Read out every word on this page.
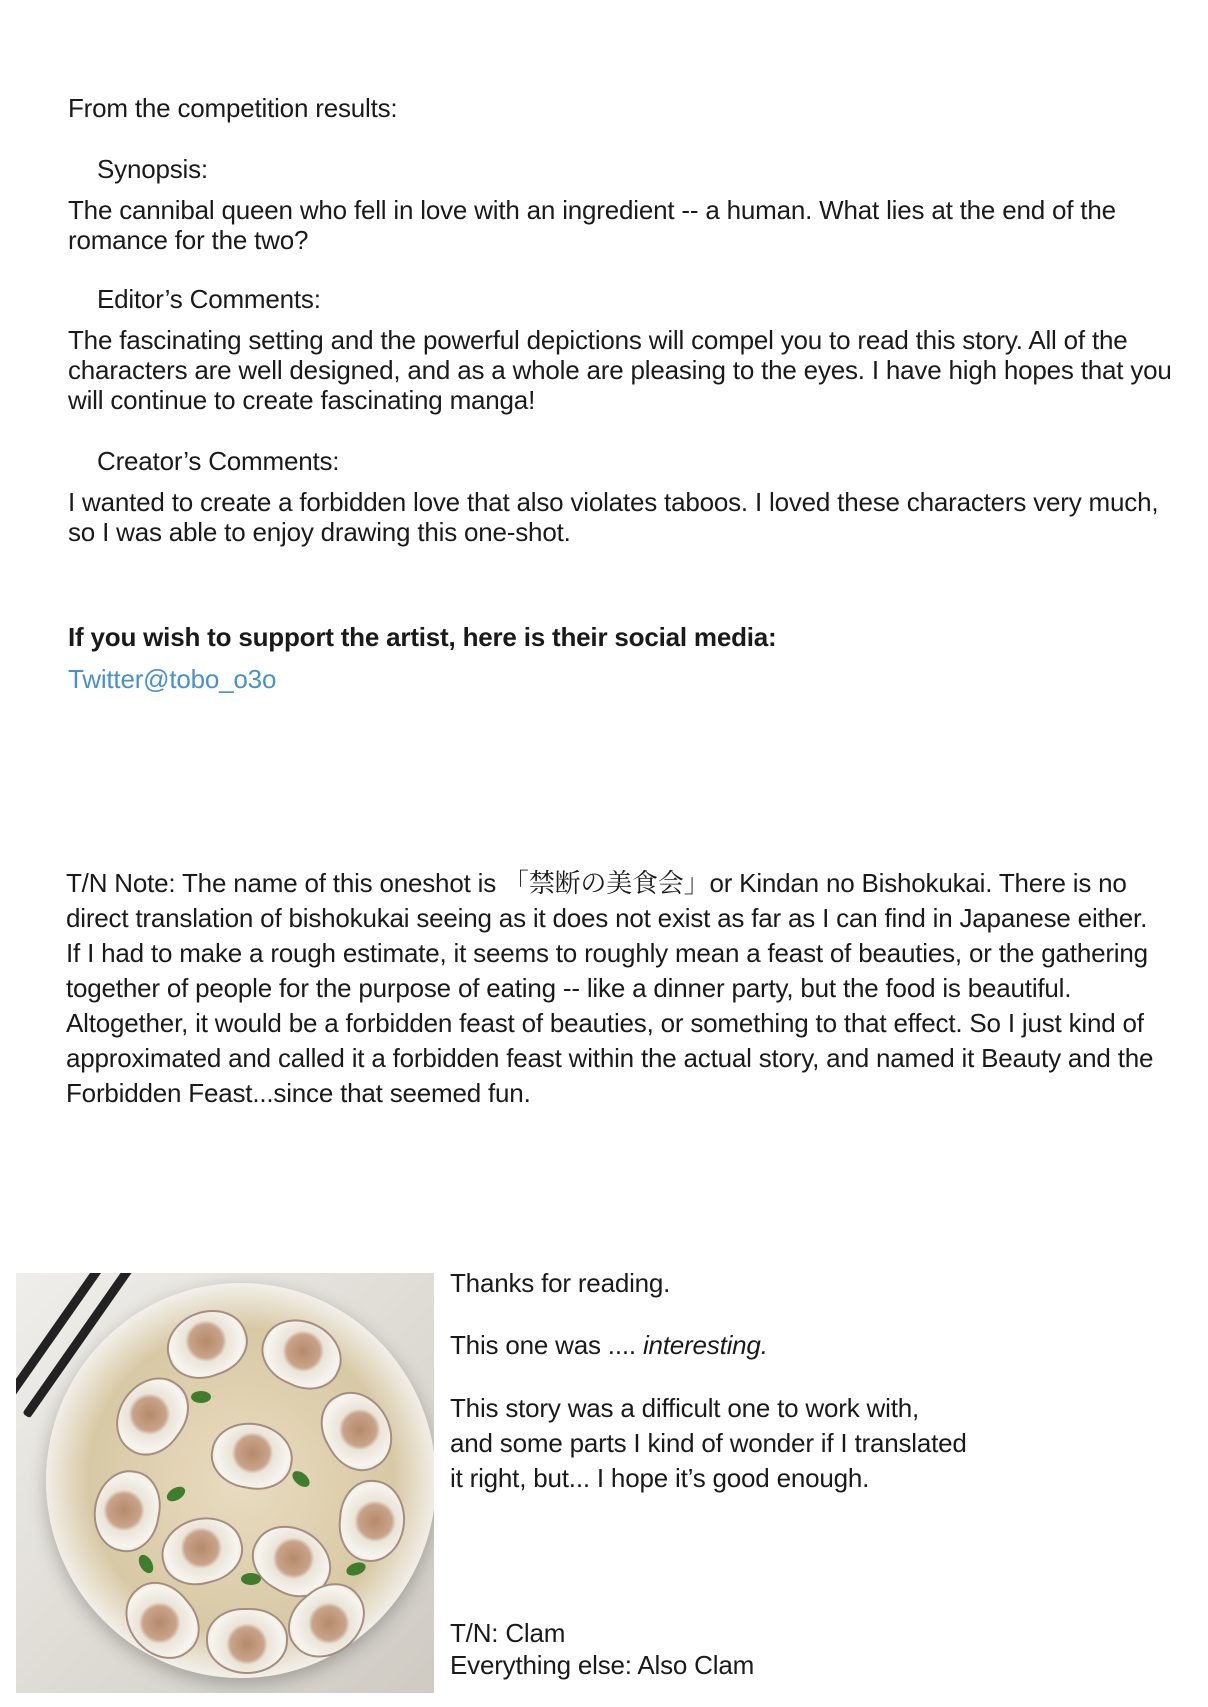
From the competition results:
Synopsis:
The cannibal queen who fell in love with an ingredient -- a human. What lies at the end of the
romance for the two?
Editor’s Comments:
The fascinating setting and the powerful depictions will compel you to read this story. All of the
characters are well designed, and as a whole are pleasing to the eyes. I have high hopes that you
will continue to create fascinating manga!
Creator’s Comments:
I wanted to create a forbidden love that also violates taboos. I loved these characters very much,
so I was able to enjoy drawing this one-shot.
If you wish to support the artist, here is their social media:
Twitter@tobo_o3o
T/N Note: The name of this oneshot is 「禁断の美食会」or Kindan no Bishokukai. There is no
direct translation of bishokukai seeing as it does not exist as far as I can find in Japanese either.
If I had to make a rough estimate, it seems to roughly mean a feast of beauties, or the gathering
together of people for the purpose of eating -- like a dinner party, but the food is beautiful.
Altogether, it would be a forbidden feast of beauties, or something to that effect. So I just kind of
approximated and called it a forbidden feast within the actual story, and named it Beauty and the
Forbidden Feast...since that seemed fun.
Thanks for reading.
This one was .... interesting.
This story was a difficult one to work with,
and some parts I kind of wonder if I translated
it right, but... I hope it’s good enough.
T/N: Clam
Everything else: Also Clam
